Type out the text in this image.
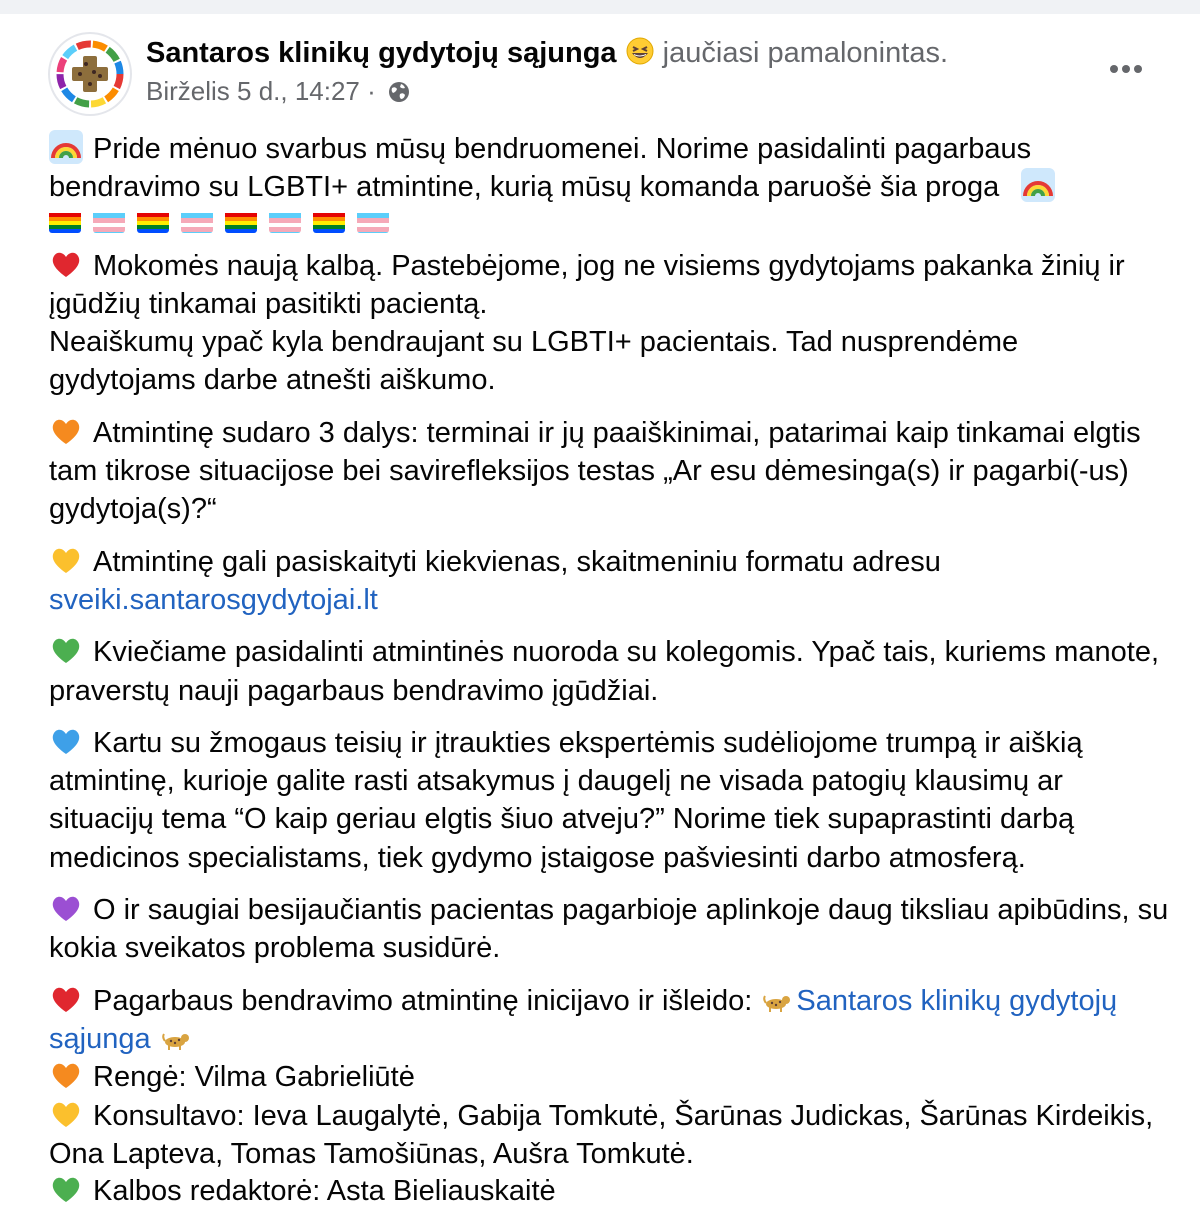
Santaros klinikų gydytojų sąjunga jaučiasi pamalonintas.
Birželis 5 d., 14:27 ·

Pride mėnuo svarbus mūsų bendruomenei. Norime pasidalinti pagarbaus bendravimo su LGBTI+ atmintine, kurią mūsų komanda paruošė šia proga

Mokomės naują kalbą. Pastebėjome, jog ne visiems gydytojams pakanka žinių ir įgūdžių tinkamai pasitikti pacientą.

Neaiškumų ypač kyla bendraujant su LGBTI+ pacientais. Tad nusprendėme gydytojams darbe atnešti aiškumo.

Atmintinę sudaro 3 dalys: terminai ir jų paaiškinimai, patarimai kaip tinkamai elgtis tam tikrose situacijose bei savirefleksijos testas „Ar esu dėmesinga(s) ir pagarbi(-us) gydytoja(s)?“

Atmintinę gali pasiskaityti kiekvienas, skaitmeniniu formatu adresu
sveiki.santarosgydytojai.lt

Kviečiame pasidalinti atmintinės nuoroda su kolegomis. Ypač tais, kuriems manote, praverstų nauji pagarbaus bendravimo įgūdžiai.

Kartu su žmogaus teisių ir įtraukties ekspertėmis sudėliojome trumpą ir aiškią atmintinę, kurioje galite rasti atsakymus į daugelį ne visada patogių klausimų ar situacijų tema “O kaip geriau elgtis šiuo atveju?” Norime tiek supaprastinti darbą medicinos specialistams, tiek gydymo įstaigose pašviesinti darbo atmosferą.

O ir saugiai besijaučiantis pacientas pagarbioje aplinkoje daug tiksliau apibūdins, su kokia sveikatos problema susidūrė.

Pagarbaus bendravimo atmintinę inicijavo ir išleido: Santaros klinikų gydytojų sąjunga

Rengė: Vilma Gabrieliūtė

Konsultavo: Ieva Laugalytė, Gabija Tomkutė, Šarūnas Judickas, Šarūnas Kirdeikis, Ona Lapteva, Tomas Tamošiūnas, Aušra Tomkutė.

Kalbos redaktorė: Asta Bieliauskaitė
